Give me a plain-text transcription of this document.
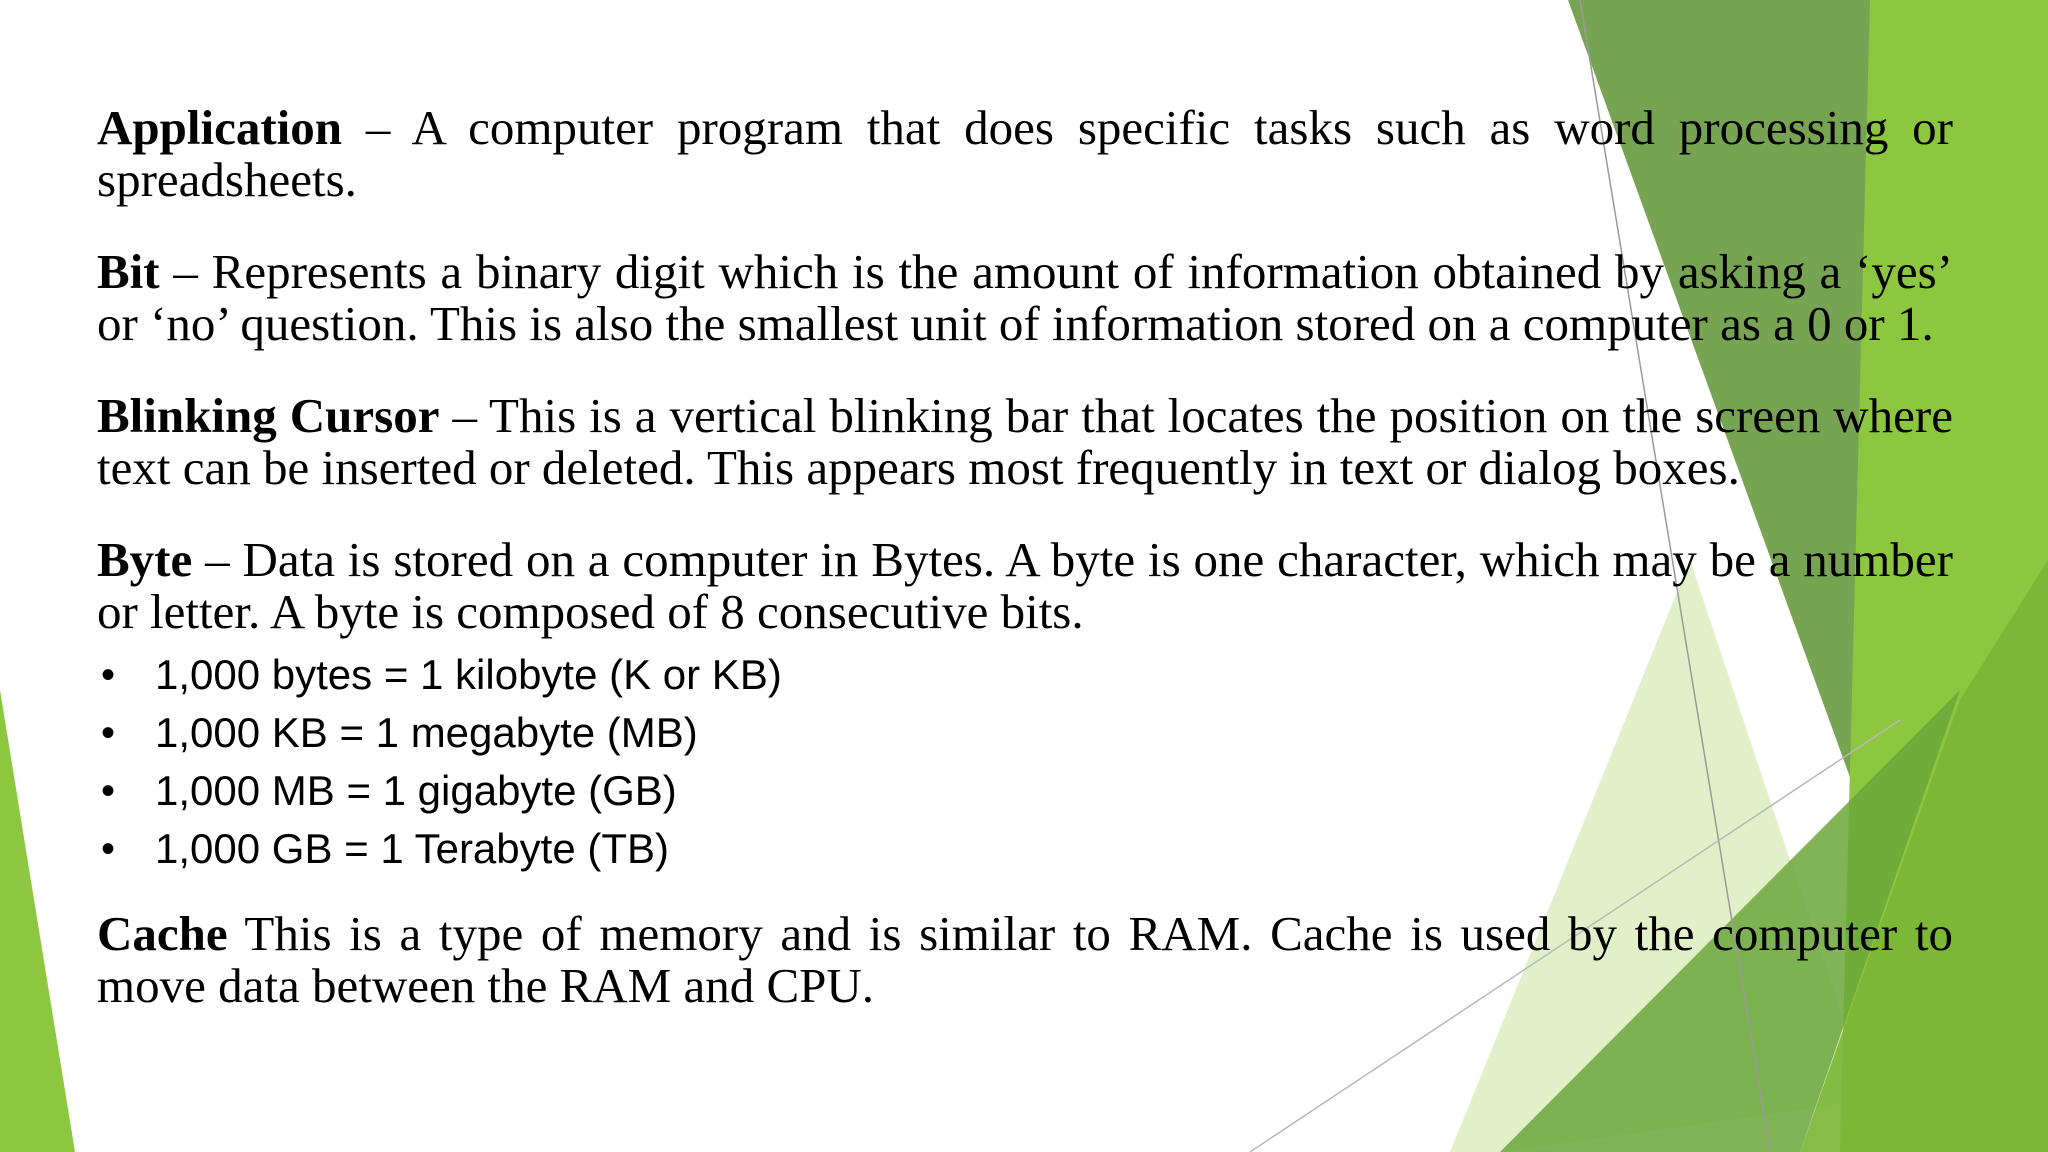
Application – A computer program that does specific tasks such as word processing or spreadsheets.

Bit – Represents a binary digit which is the amount of information obtained by asking a ‘yes’ or ‘no’ question. This is also the smallest unit of information stored on a computer as a 0 or 1.

Blinking Cursor – This is a vertical blinking bar that locates the position on the screen where text can be inserted or deleted. This appears most frequently in text or dialog boxes.

Byte – Data is stored on a computer in Bytes. A byte is one character, which may be a number or letter. A byte is composed of 8 consecutive bits.

• 1,000 bytes = 1 kilobyte (K or KB)
• 1,000 KB = 1 megabyte (MB)
• 1,000 MB = 1 gigabyte (GB)
• 1,000 GB = 1 Terabyte (TB)

Cache This is a type of memory and is similar to RAM. Cache is used by the computer to move data between the RAM and CPU.
